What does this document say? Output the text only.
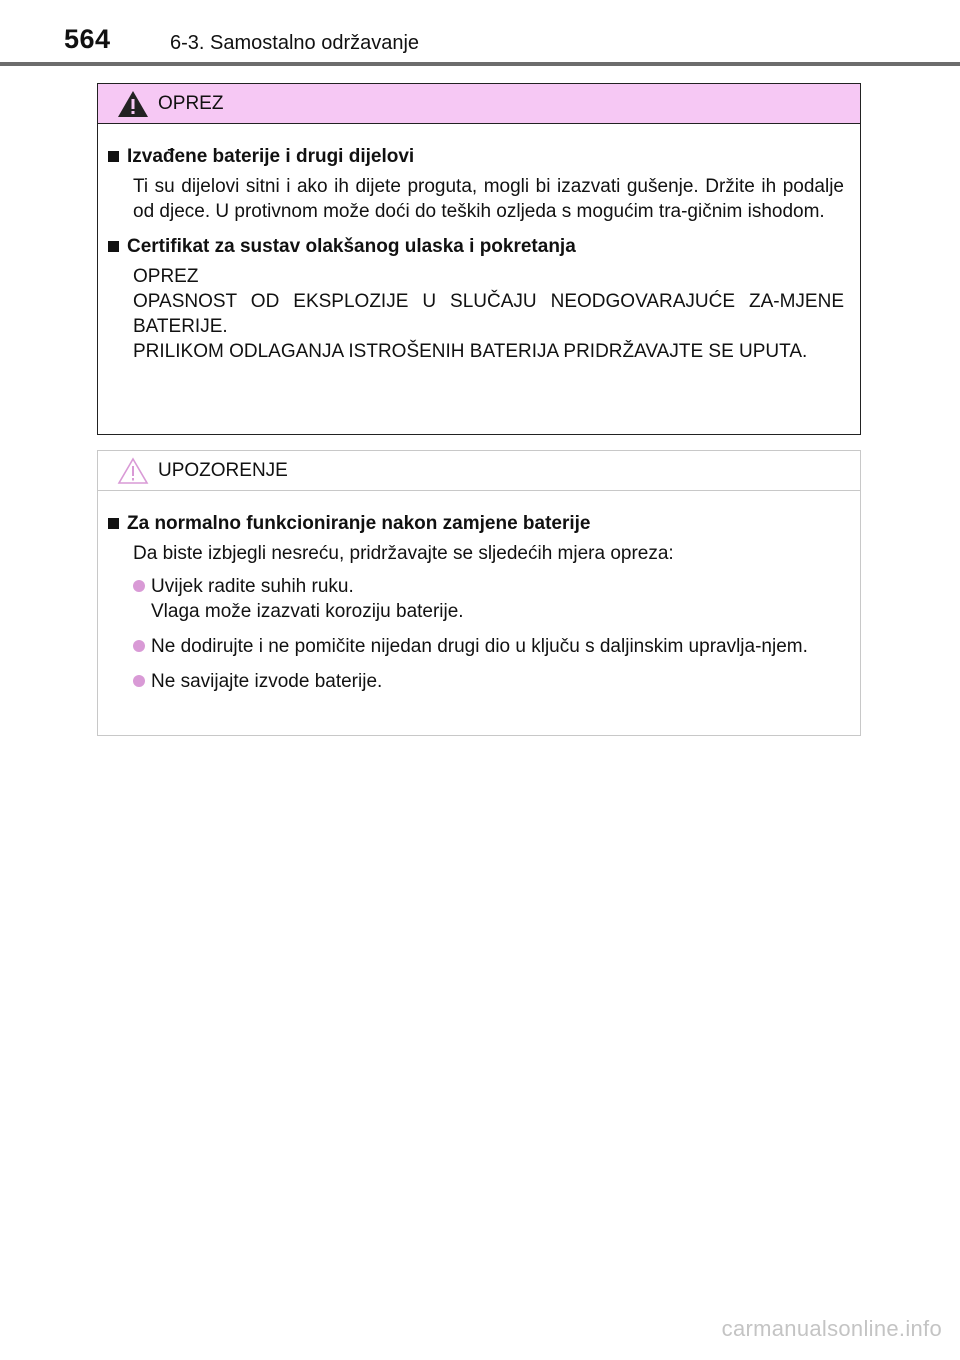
564	6-3. Samostalno održavanje
OPREZ
Izvađene baterije i drugi dijelovi
Ti su dijelovi sitni i ako ih dijete proguta, mogli bi izazvati gušenje. Držite ih podalje od djece. U protivnom može doći do teških ozljeda s mogućim tra-gičnim ishodom.
Certifikat za sustav olakšanog ulaska i pokretanja
OPREZ
OPASNOST OD EKSPLOZIJE U SLUČAJU NEODGOVARAJUĆE ZA-MJENE BATERIJE.
PRILIKOM ODLAGANJA ISTROŠENIH BATERIJA PRIDRŽAVAJTE SE UPUTA.
UPOZORENJE
Za normalno funkcioniranje nakon zamjene baterije
Da biste izbjegli nesreću, pridržavajte se sljedećih mjera opreza:
Uvijek radite suhih ruku.
Vlaga može izazvati koroziju baterije.
Ne dodirujte i ne pomičite nijedan drugi dio u ključu s daljinskim upravlja-njem.
Ne savijajte izvode baterije.
carmanualsonline.info
